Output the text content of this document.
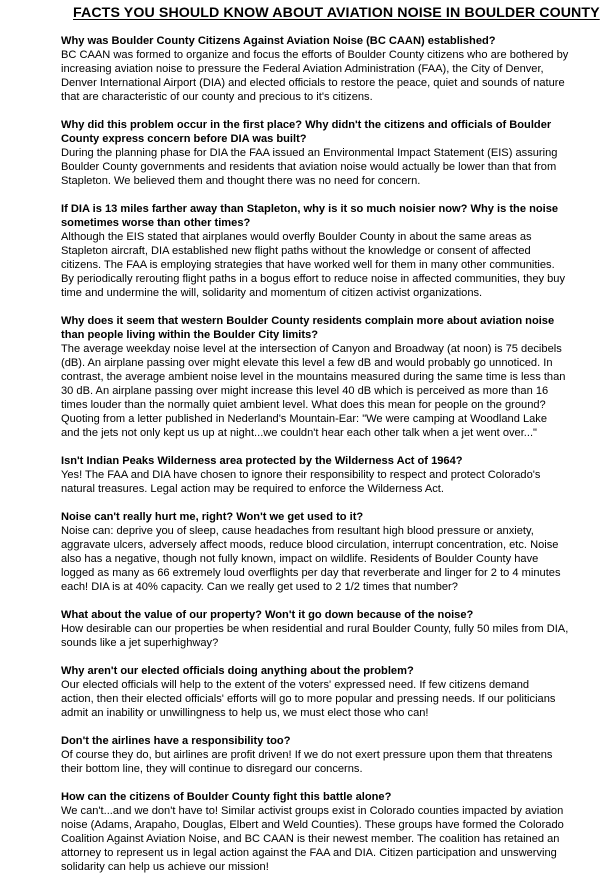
FACTS YOU SHOULD KNOW ABOUT AVIATION NOISE IN BOULDER COUNTY
Why was Boulder County Citizens Against Aviation Noise (BC CAAN) established?
BC CAAN was formed to organize and focus the efforts of Boulder County citizens who are bothered by
increasing aviation noise to pressure the Federal Aviation Administration (FAA), the City of Denver,
Denver International Airport (DIA) and elected officials to restore the peace, quiet and sounds of nature
that are characteristic of our county and precious to it's citizens.
Why did this problem occur in the first place? Why didn't the citizens and officials of Boulder
County express concern before DIA was built?
During the planning phase for DIA the FAA issued an Environmental Impact Statement (EIS) assuring
Boulder County governments and residents that aviation noise would actually be lower than that from
Stapleton. We believed them and thought there was no need for concern.
If DIA is 13 miles farther away than Stapleton, why is it so much noisier now? Why is the noise
sometimes worse than other times?
Although the EIS stated that airplanes would overfly Boulder County in about the same areas as
Stapleton aircraft, DIA established new flight paths without the knowledge or consent of affected
citizens. The FAA is employing strategies that have worked well for them in many other communities.
By periodically rerouting flight paths in a bogus effort to reduce noise in affected communities, they buy
time and undermine the will, solidarity and momentum of citizen activist organizations.
Why does it seem that western Boulder County residents complain more about aviation noise
than people living within the Boulder City limits?
The average weekday noise level at the intersection of Canyon and Broadway (at noon) is 75 decibels
(dB). An airplane passing over might elevate this level a few dB and would probably go unnoticed. In
contrast, the average ambient noise level in the mountains measured during the same time is less than
30 dB. An airplane passing over might increase this level 40 dB which is perceived as more than 16
times louder than the normally quiet ambient level. What does this mean for people on the ground?
Quoting from a letter published in Nederland's Mountain-Ear: "We were camping at Woodland Lake
and the jets not only kept us up at night...we couldn't hear each other talk when a jet went over..."
Isn't Indian Peaks Wilderness area protected by the Wilderness Act of 1964?
Yes! The FAA and DIA have chosen to ignore their responsibility to respect and protect Colorado's
natural treasures. Legal action may be required to enforce the Wilderness Act.
Noise can't really hurt me, right? Won't we get used to it?
Noise can: deprive you of sleep, cause headaches from resultant high blood pressure or anxiety,
aggravate ulcers, adversely affect moods, reduce blood circulation, interrupt concentration, etc. Noise
also has a negative, though not fully known, impact on wildlife. Residents of Boulder County have
logged as many as 66 extremely loud overflights per day that reverberate and linger for 2 to 4 minutes
each! DIA is at 40% capacity. Can we really get used to 2 1/2 times that number?
What about the value of our property? Won't it go down because of the noise?
How desirable can our properties be when residential and rural Boulder County, fully 50 miles from DIA,
sounds like a jet superhighway?
Why aren't our elected officials doing anything about the problem?
Our elected officials will help to the extent of the voters' expressed need. If few citizens demand
action, then their elected officials' efforts will go to more popular and pressing needs. If our politicians
admit an inability or unwillingness to help us, we must elect those who can!
Don't the airlines have a responsibility too?
Of course they do, but airlines are profit driven! If we do not exert pressure upon them that threatens
their bottom line, they will continue to disregard our concerns.
How can the citizens of Boulder County fight this battle alone?
We can't...and we don't have to! Similar activist groups exist in Colorado counties impacted by aviation
noise (Adams, Arapaho, Douglas, Elbert and Weld Counties). These groups have formed the Colorado
Coalition Against Aviation Noise, and BC CAAN is their newest member. The coalition has retained an
attorney to represent us in legal action against the FAA and DIA. Citizen participation and unswerving
solidarity can help us achieve our mission!
